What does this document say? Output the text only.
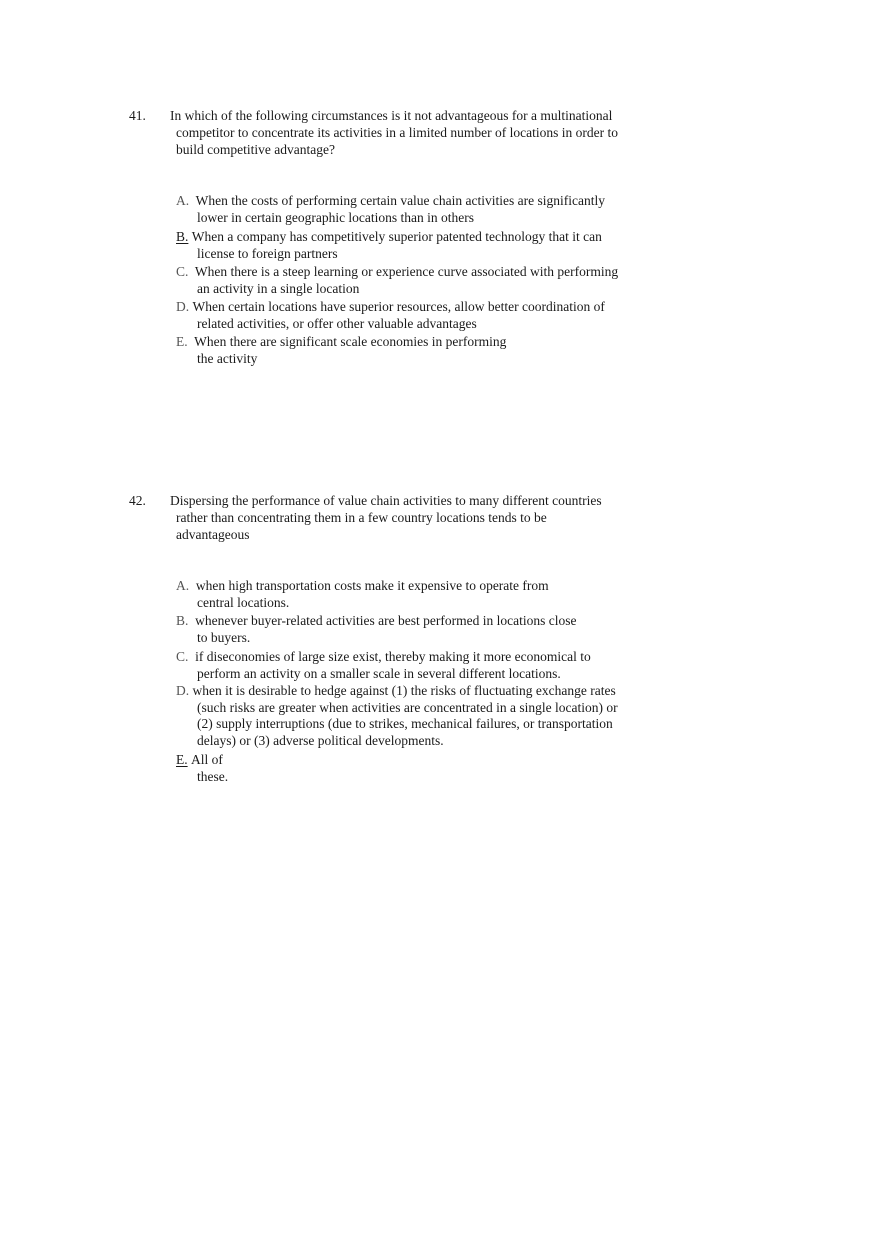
41. In which of the following circumstances is it not advantageous for a multinational
competitor to concentrate its activities in a limited number of locations in order to
build competitive advantage?
A. When the costs of performing certain value chain activities are significantly
lower in certain geographic locations than in others
B. When a company has competitively superior patented technology that it can
license to foreign partners
C. When there is a steep learning or experience curve associated with performing
an activity in a single location
D. When certain locations have superior resources, allow better coordination of
related activities, or offer other valuable advantages
E. When there are significant scale economies in performing
the activity
42. Dispersing the performance of value chain activities to many different countries
rather than concentrating them in a few country locations tends to be
advantageous
A. when high transportation costs make it expensive to operate from
central locations.
B. whenever buyer-related activities are best performed in locations close
to buyers.
C. if diseconomies of large size exist, thereby making it more economical to
perform an activity on a smaller scale in several different locations.
D. when it is desirable to hedge against (1) the risks of fluctuating exchange rates
(such risks are greater when activities are concentrated in a single location) or
(2) supply interruptions (due to strikes, mechanical failures, or transportation
delays) or (3) adverse political developments.
E. All of
these.
